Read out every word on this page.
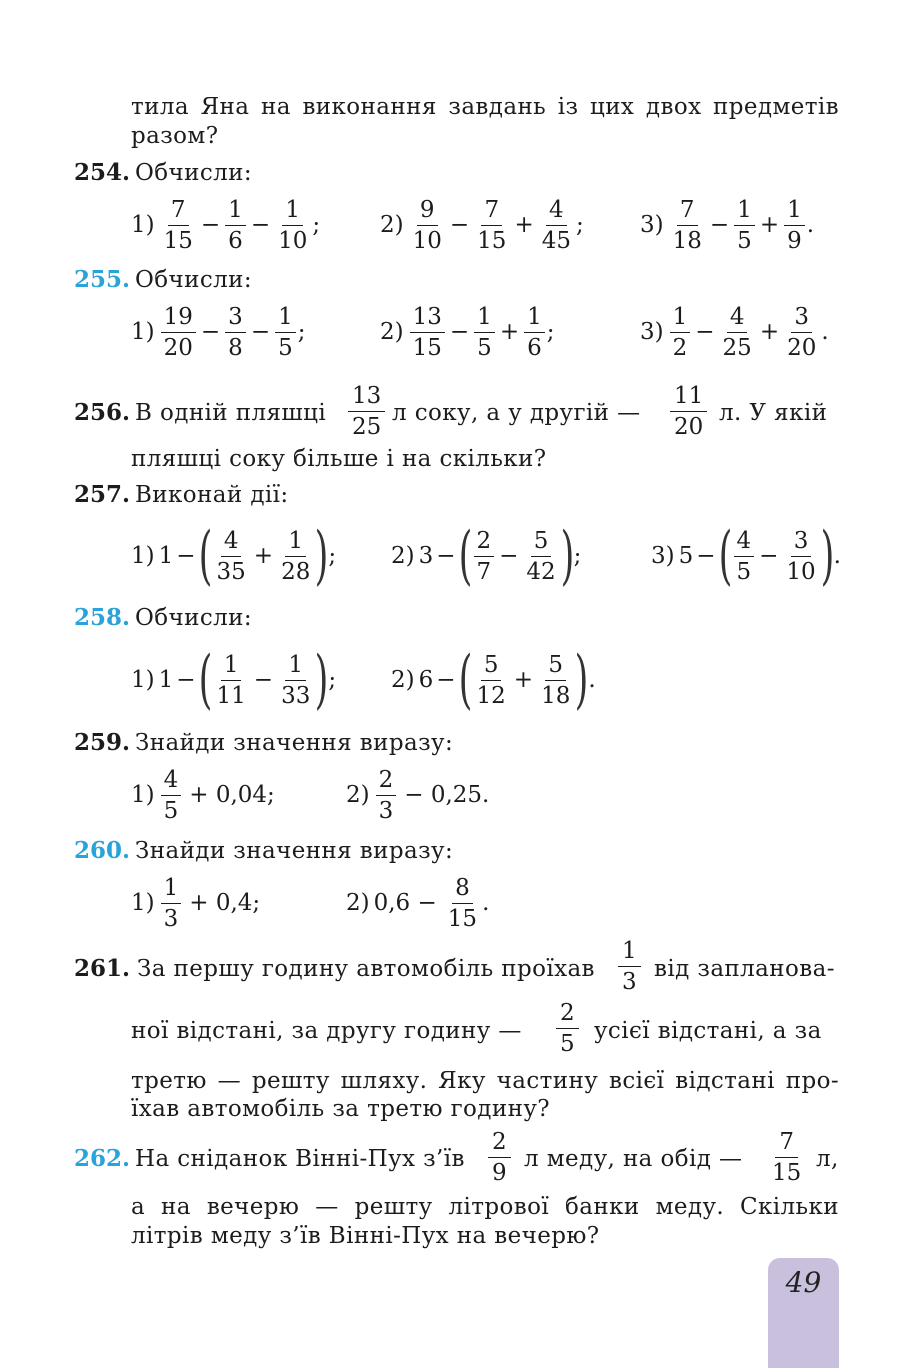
тила Яна на виконання завдань із цих двох предметів
разом?
254. Обчисли:
$1) \frac{7}{15} - \frac{1}{6} - \frac{1}{10}$ ;	$2) \frac{9}{10} - \frac{7}{15} + \frac{4}{45}$ ; $3) \frac{7}{18} - \frac{1}{5} + \frac{1}{9}$ .
255. Обчисли:
$1) \frac{19}{20} - \frac{3}{8} - \frac{1}{5}$ ;	$2) \frac{13}{15} - \frac{1}{5} + \frac{1}{6}$ ;	$3) \frac{1}{2} - \frac{4}{25} + \frac{3}{20}$ .
256. В одній пляшці
13
25
л соку, а у другій —
11
20
л. У якій
пляшці соку більше і на скільки?
257. Виконай дії:
1) 1 − ( $\frac{4}{35} + \frac{1}{28}$ ) ; 2) 3 − ( $\frac{2}{7} - \frac{5}{42}$ ) ;	3) 5 − ( $\frac{4}{5} - \frac{3}{10}$ ) .
258. Обчисли:
1) 1 − ( $\frac{1}{11} - \frac{1}{33}$ ) ; 2) 6 − ( $\frac{5}{12} + \frac{5}{18}$ ) .
259. Знайди значення виразу:
$1) \frac{4}{5} + 0,04$;	$2) \frac{2}{3} - 0,25$.
260. Знайди значення виразу:
$1) \frac{1}{3} + 0,4$;	2) $0,6 - \frac{8}{15}$ .
261. За першу годину автомобіль проїхав
1
3 від запланова-
ної відстані, за другу годину —
2
5 усієї відстані, а за
третю — решту шляху. Яку частину всієї відстані про-
їхав автомобіль за третю годину?
262. На сніданок Вінні-Пух з’їв
2
9
л меду, на обід —
7
15
л,
а на вечерю — решту літрової банки меду. Скільки
літрів меду з’їв Вінні-Пух на вечерю?
49
